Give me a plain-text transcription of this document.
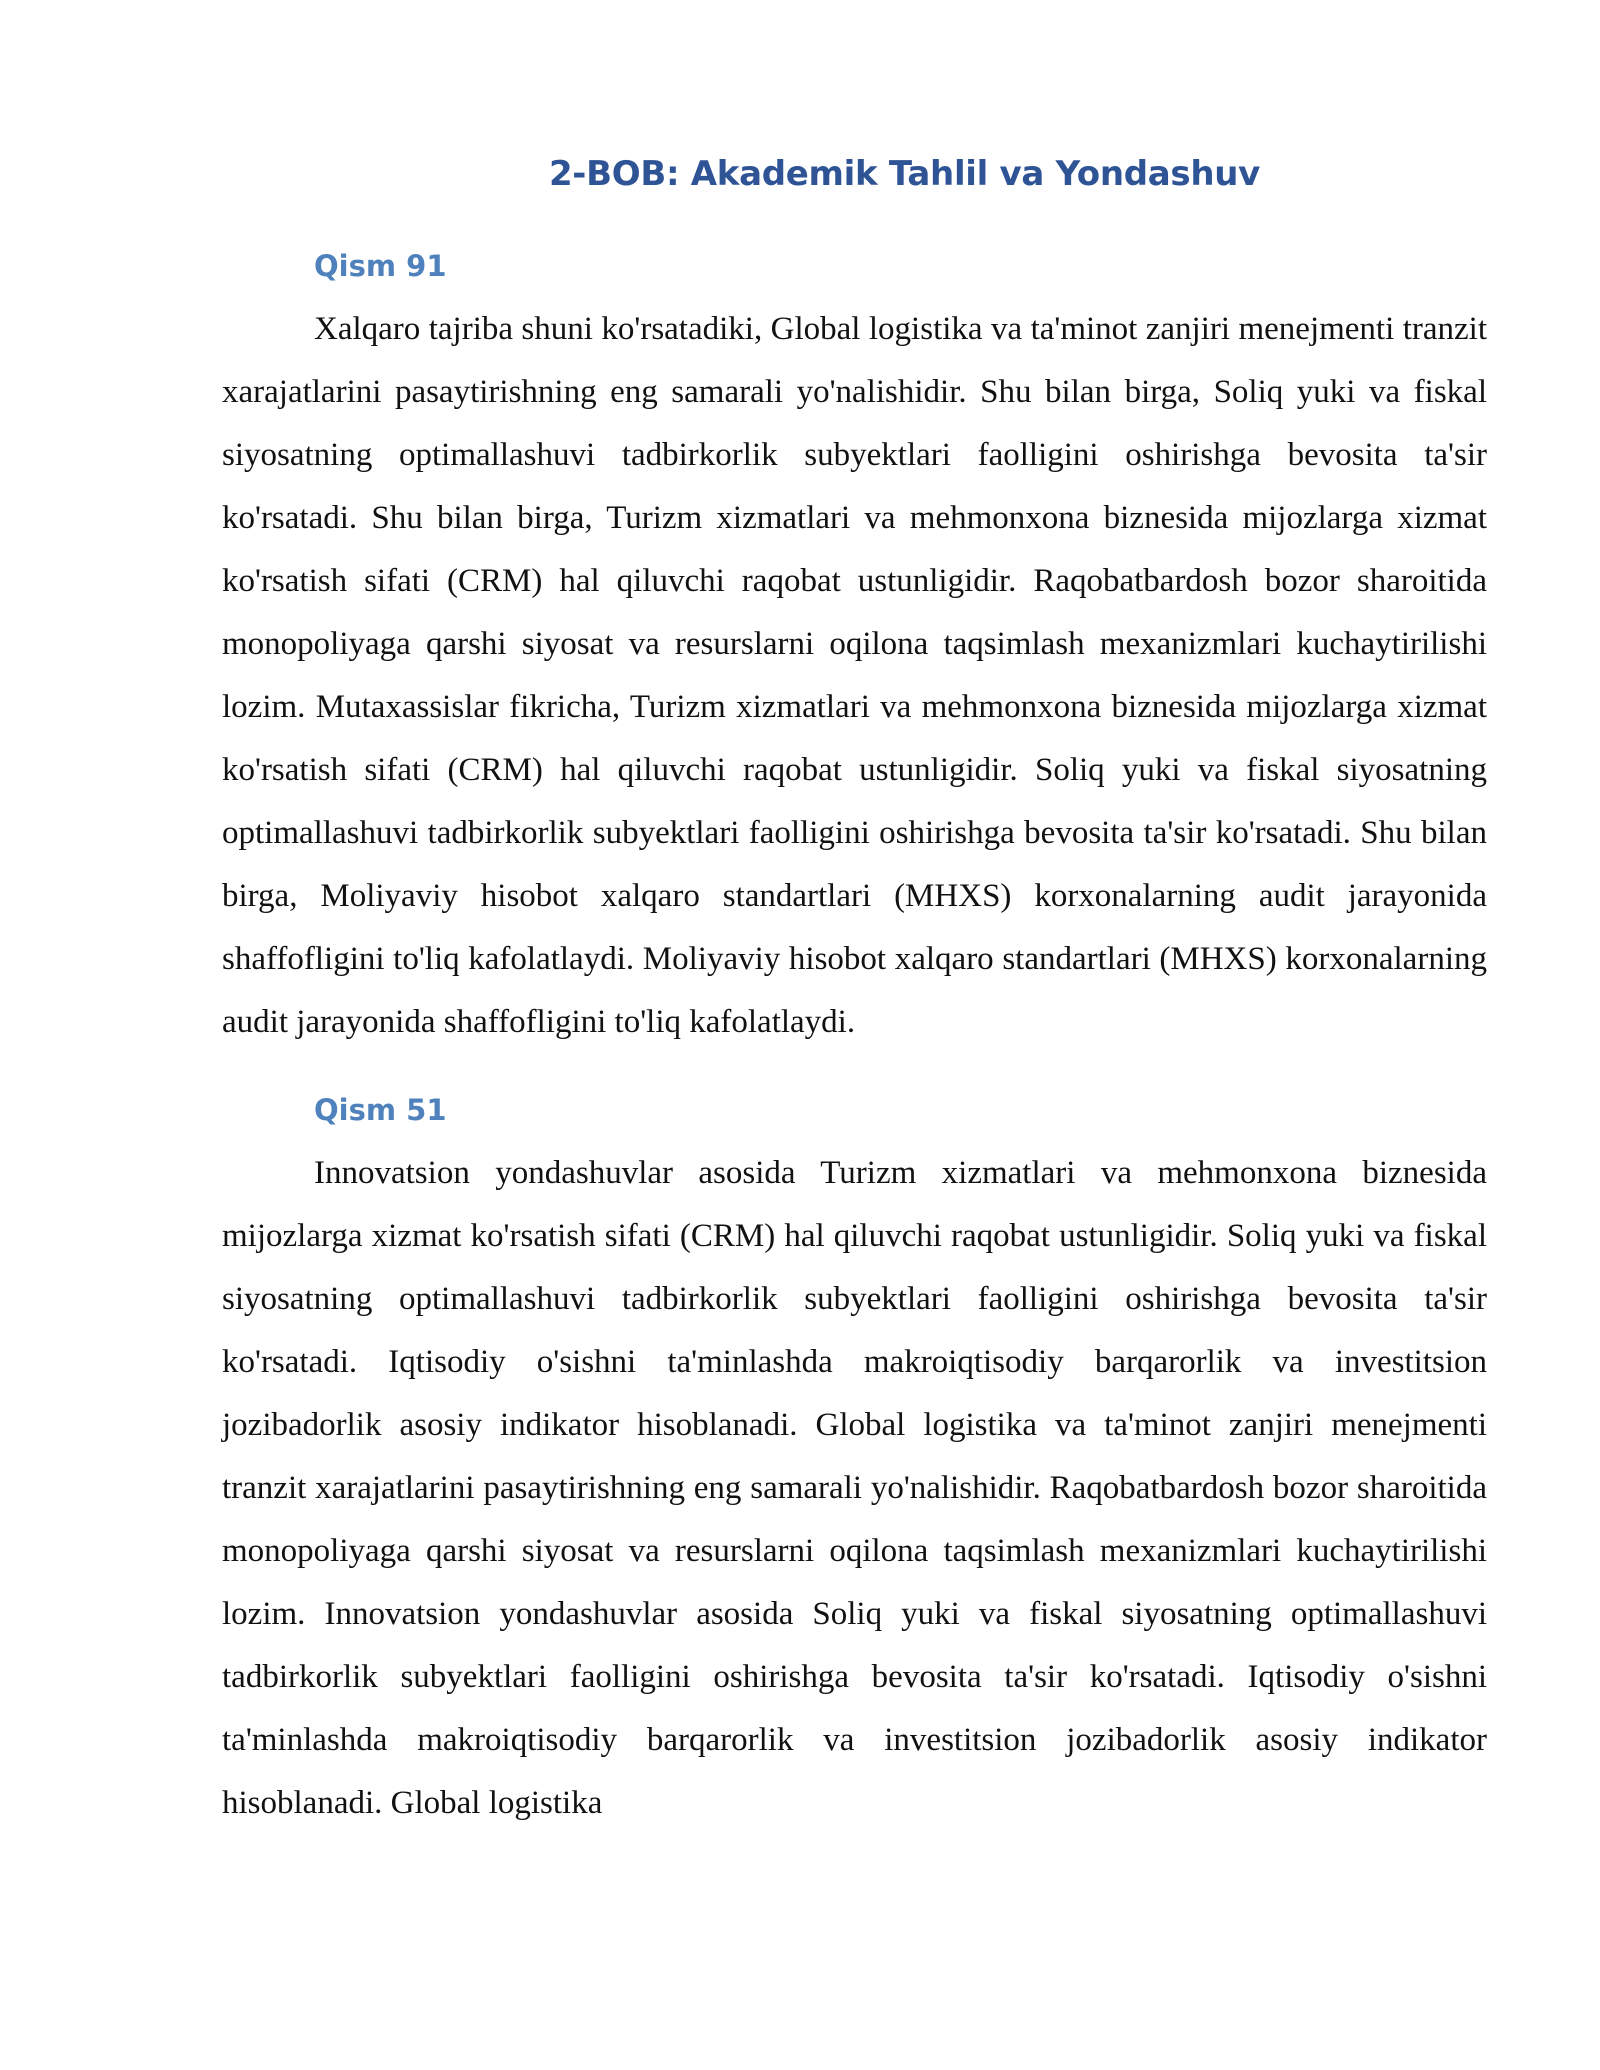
2-BOB: Akademik Tahlil va Yondashuv
Qism 91

Xalqaro tajriba shuni ko'rsatadiki, Global logistika va ta'minot zanjiri menejmenti tranzit xarajatlarini pasaytirishning eng samarali yo'nalishidir. Shu bilan birga, Soliq yuki va fiskal siyosatning optimallashuvi tadbirkorlik subyektlari faolligini oshirishga bevosita ta'sir ko'rsatadi. Shu bilan birga, Turizm xizmatlari va mehmonxona biznesida mijozlarga xizmat ko'rsatish sifati (CRM) hal qiluvchi raqobat ustunligidir. Raqobatbardosh bozor sharoitida monopoliyaga qarshi siyosat va resurslarni oqilona taqsimlash mexanizmlari kuchaytirilishi lozim. Mutaxassislar fikricha, Turizm xizmatlari va mehmonxona biznesida mijozlarga xizmat ko'rsatish sifati (CRM) hal qiluvchi raqobat ustunligidir. Soliq yuki va fiskal siyosatning optimallashuvi tadbirkorlik subyektlari faolligini oshirishga bevosita ta'sir ko'rsatadi. Shu bilan birga, Moliyaviy hisobot xalqaro standartlari (MHXS) korxonalarning audit jarayonida shaffofligini to'liq kafolatlaydi. Moliyaviy hisobot xalqaro standartlari (MHXS) korxonalarning audit jarayonida shaffofligini to'liq kafolatlaydi.

Qism 51

Innovatsion yondashuvlar asosida Turizm xizmatlari va mehmonxona biznesida mijozlarga xizmat ko'rsatish sifati (CRM) hal qiluvchi raqobat ustunligidir. Soliq yuki va fiskal siyosatning optimallashuvi tadbirkorlik subyektlari faolligini oshirishga bevosita ta'sir ko'rsatadi. Iqtisodiy o'sishni ta'minlashda makroiqtisodiy barqarorlik va investitsion jozibadorlik asosiy indikator hisoblanadi. Global logistika va ta'minot zanjiri menejmenti tranzit xarajatlarini pasaytirishning eng samarali yo'nalishidir. Raqobatbardosh bozor sharoitida monopoliyaga qarshi siyosat va resurslarni oqilona taqsimlash mexanizmlari kuchaytirilishi lozim. Innovatsion yondashuvlar asosida Soliq yuki va fiskal siyosatning optimallashuvi tadbirkorlik subyektlari faolligini oshirishga bevosita ta'sir ko'rsatadi. Iqtisodiy o'sishni ta'minlashda makroiqtisodiy barqarorlik va investitsion jozibadorlik asosiy indikator hisoblanadi. Global logistika
